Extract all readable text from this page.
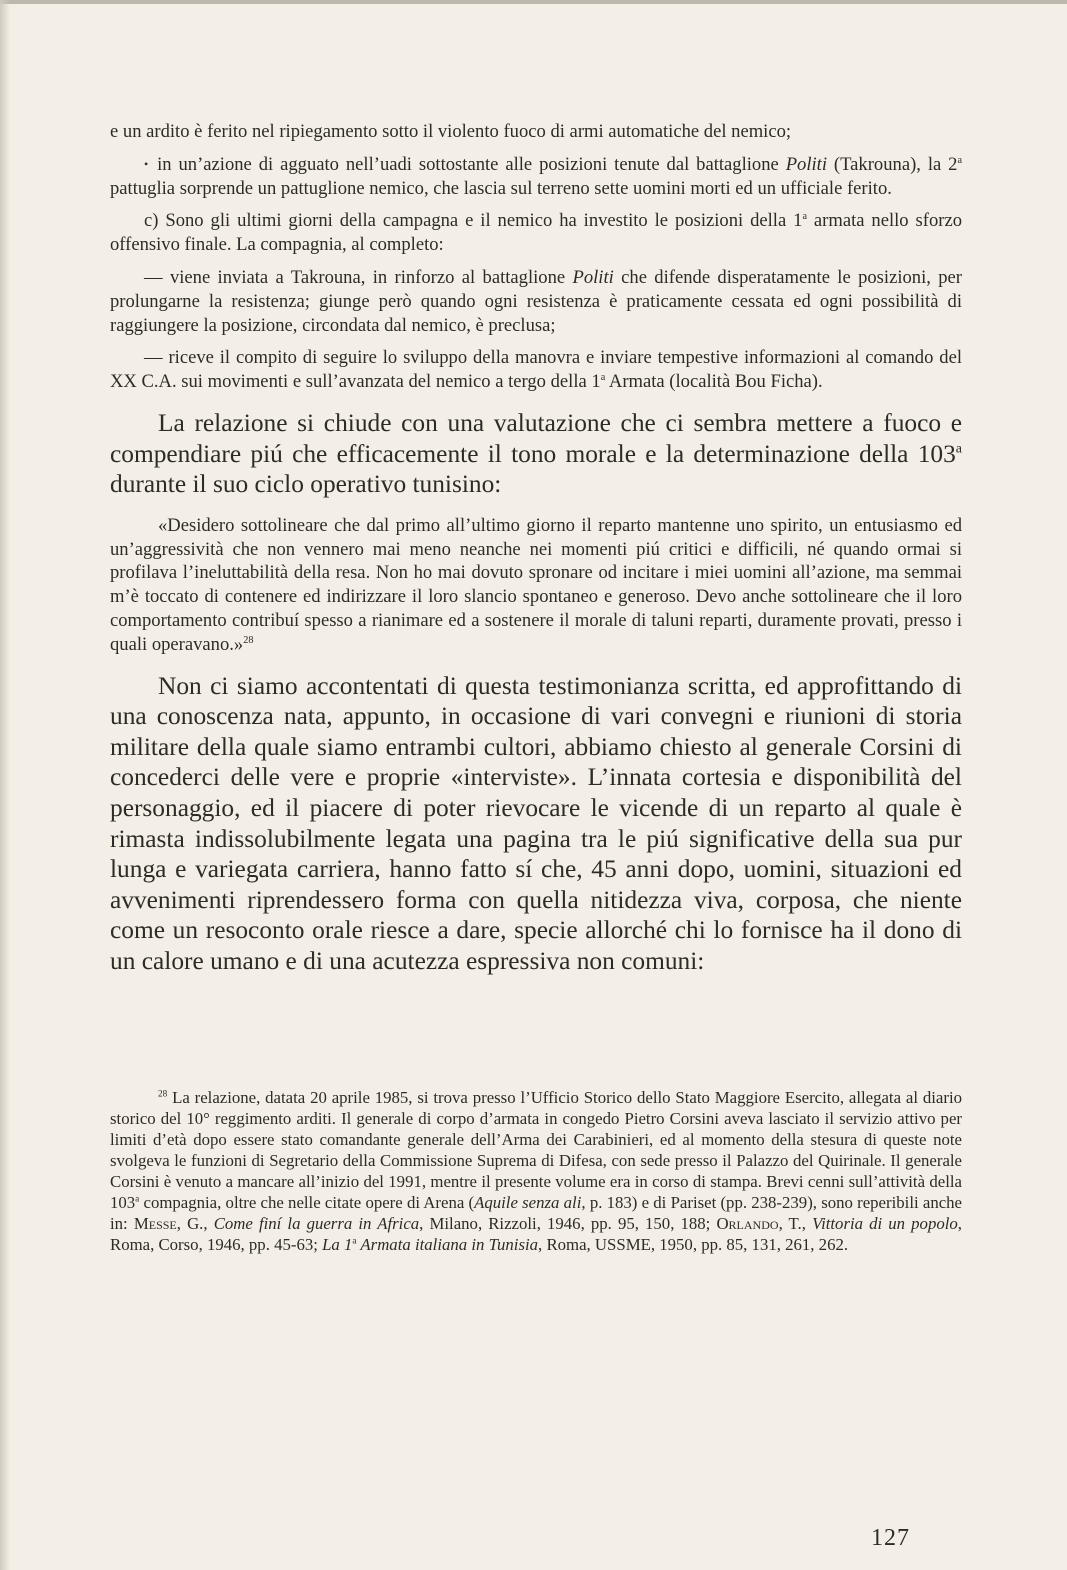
e un ardito è ferito nel ripiegamento sotto il violento fuoco di armi automatiche del nemico;

• in un’azione di agguato nell’uadi sottostante alle posizioni tenute dal battaglione Politi (Takrouna), la 2$^a$ pattuglia sorprende un pattuglione nemico, che lascia sul terreno sette uomini morti ed un ufficiale ferito.

c) Sono gli ultimi giorni della campagna e il nemico ha investito le posizioni della 1$^a$ armata nello sforzo offensivo finale. La compagnia, al completo:

— viene inviata a Takrouna, in rinforzo al battaglione Politi che difende disperatamente le posizioni, per prolungarne la resistenza; giunge però quando ogni resistenza è praticamente cessata ed ogni possibilità di raggiungere la posizione, circondata dal nemico, è preclusa;

— riceve il compito di seguire lo sviluppo della manovra e inviare tempestive informazioni al comando del XX C.A. sui movimenti e sull’avanzata del nemico a tergo della 1$^a$ Armata (località Bou Ficha).

La relazione si chiude con una valutazione che ci sembra mettere a fuoco e compendiare piú che efficacemente il tono morale e la determinazione della 103$^a$ durante il suo ciclo operativo tunisino:

«Desidero sottolineare che dal primo all’ultimo giorno il reparto mantenne uno spirito, un entusiasmo ed un’aggressività che non vennero mai meno neanche nei momenti piú critici e difficili, né quando ormai si profilava l’ineluttabilità della resa. Non ho mai dovuto spronare od incitare i miei uomini all’azione, ma semmai m’è toccato di contenere ed indirizzare il loro slancio spontaneo e generoso. Devo anche sottolineare che il loro comportamento contribuí spesso a rianimare ed a sostenere il morale di taluni reparti, duramente provati, presso i quali operavano.»$^{28}$

Non ci siamo accontentati di questa testimonianza scritta, ed approfittando di una conoscenza nata, appunto, in occasione di vari convegni e riunioni di storia militare della quale siamo entrambi cultori, abbiamo chiesto al generale Corsini di concederci delle vere e proprie «interviste». L’innata cortesia e disponibilità del personaggio, ed il piacere di poter rievocare le vicende di un reparto al quale è rimasta indissolubilmente legata una pagina tra le piú significative della sua pur lunga e variegata carriera, hanno fatto sí che, 45 anni dopo, uomini, situazioni ed avvenimenti riprendessero forma con quella nitidezza viva, corposa, che niente come un resoconto orale riesce a dare, specie allorché chi lo fornisce ha il dono di un calore umano e di una acutezza espressiva non comuni:

$^{28}$ La relazione, datata 20 aprile 1985, si trova presso l’Ufficio Storico dello Stato Maggiore Esercito, allegata al diario storico del 10° reggimento arditi. Il generale di corpo d’armata in congedo Pietro Corsini aveva lasciato il servizio attivo per limiti d’età dopo essere stato comandante generale dell’Arma dei Carabinieri, ed al momento della stesura di queste note svolgeva le funzioni di Segretario della Commissione Suprema di Difesa, con sede presso il Palazzo del Quirinale. Il generale Corsini è venuto a mancare all’inizio del 1991, mentre il presente volume era in corso di stampa. Brevi cenni sull’attività della 103$^a$ compagnia, oltre che nelle citate opere di Arena (Aquile senza ali, p. 183) e di Pariset (pp. 238-239), sono reperibili anche in: Messe, G., Come finí la guerra in Africa, Milano, Rizzoli, 1946, pp. 95, 150, 188; Orlando, T., Vittoria di un popolo, Roma, Corso, 1946, pp. 45-63; La 1$^a$ Armata italiana in Tunisia, Roma, USSME, 1950, pp. 85, 131, 261, 262.

127
